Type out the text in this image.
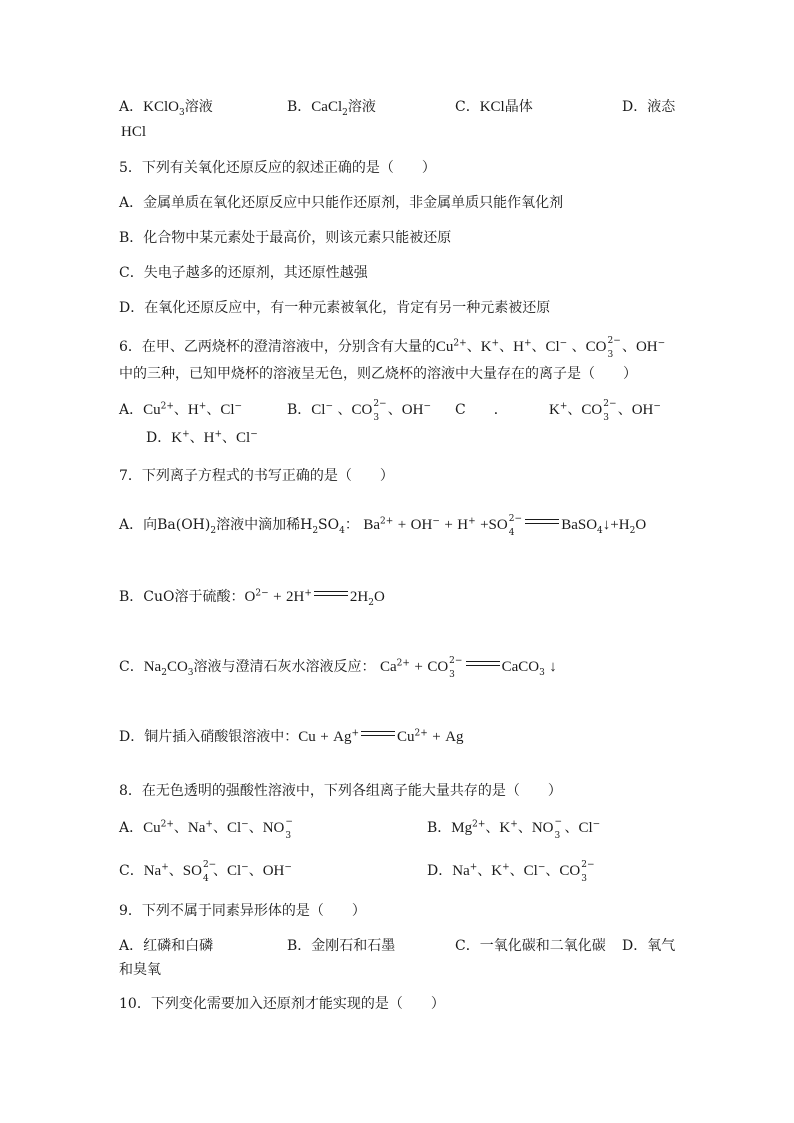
A．KClO$_3$溶液	B．CaCl$_2$溶液	C．KCl晶体	D．液态
HCl
5．下列有关氧化还原反应的叙述正确的是（　　）
A．金属单质在氧化还原反应中只能作还原剂，非金属单质只能作氧化剂
B．化合物中某元素处于最高价，则该元素只能被还原
C．失电子越多的还原剂，其还原性越强
D．在氧化还原反应中，有一种元素被氧化，肯定有另一种元素被还原
6．在甲、乙两烧杯的澄清溶液中，分别含有大量的$Cu^{2+}$、K+、H+、Cl− 、CO 2−
3 、OH−
中的三种，已知甲烧杯的溶液呈无色，则乙烧杯的溶液中大量存在的离子是（　　）
A．$Cu^{2+}$、H+、Cl−	B．Cl− 、CO 2−
3 、OH− C　　．	K+、CO 2−
3 、OH−
D．K+、H+、Cl−
7．下列离子方程式的书写正确的是（　　）
A．向$Ba(OH)_2$溶液中滴加稀$H_2SO_4$： $Ba^{2+} + OH^- + H^+ +SO$ 2−
4	$BaSO_4↓+H_2O$
B．CuO溶于硫酸：$O^{2-} + 2H^+$	$2H_2O$
C．$Na_2CO_3$溶液与澄清石灰水溶液反应： $Ca^{2+}$ + CO 2−
3	CaCO$_3$ ↓
D．铜片插入硝酸银溶液中：Cu + Ag+	$Cu^{2+} + Ag$
8．在无色透明的强酸性溶液中，下列各组离子能大量共存的是（　　）
A．$Cu^{2+}$、Na+、Cl−、NO −
3	B．$Mg^{2+}$、K+、NO −
3 、Cl−
C．Na+、SO 2−
4 、Cl−、OH−	D．Na+、K+、Cl−、CO 2−
3
9．下列不属于同素异形体的是（　　）
A．红磷和白磷	B．金刚石和石墨	C．一氧化碳和二氧化碳 D．氧气
和臭氧
10．下列变化需要加入还原剂才能实现的是（　　）
